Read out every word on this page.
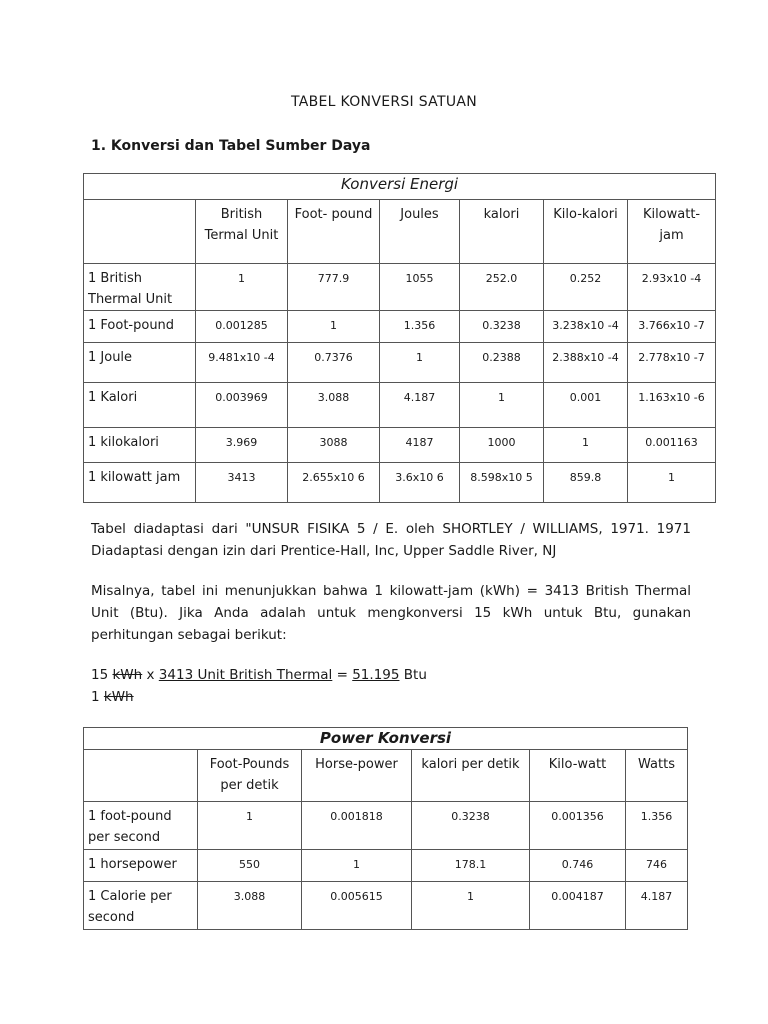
TABEL KONVERSI SATUAN
1. Konversi dan Tabel Sumber Daya
Konversi Energi						
	British Termal Unit	Foot- pound	Joules	kalori	Kilo-kalori	Kilowatt-jam
1 British Thermal Unit	1	777.9	1055	252.0	0.252	2.93x10 -4
1 Foot-pound	0.001285	1	1.356	0.3238	3.238x10 -4	3.766x10 -7
1 Joule	9.481x10 -4	0.7376	1	0.2388	2.388x10 -4	2.778x10 -7
1 Kalori	0.003969	3.088	4.187	1	0.001	1.163x10 -6
1 kilokalori	3.969	3088	4187	1000	1	0.001163
1 kilowatt jam	3413	2.655x10 6	3.6x10 6	8.598x10 5	859.8	1
Tabel diadaptasi dari "UNSUR FISIKA 5 / E. oleh SHORTLEY / WILLIAMS, 1971. 1971 Diadaptasi dengan izin dari Prentice-Hall, Inc, Upper Saddle River, NJ
Misalnya, tabel ini menunjukkan bahwa 1 kilowatt-jam (kWh) = 3413 British Thermal Unit (Btu). Jika Anda adalah untuk mengkonversi 15 kWh untuk Btu, gunakan perhitungan sebagai berikut:
15 kWh x 3413 Unit British Thermal = 51.195 Btu
1 kWh
Power Konversi					
	Foot-Pounds per detik	Horse-power	kalori per detik	Kilo-watt	Watts
1 foot-pound per second	1	0.001818	0.3238	0.001356	1.356
1 horsepower	550	1	178.1	0.746	746
1 Calorie per second	3.088	0.005615	1	0.004187	4.187
